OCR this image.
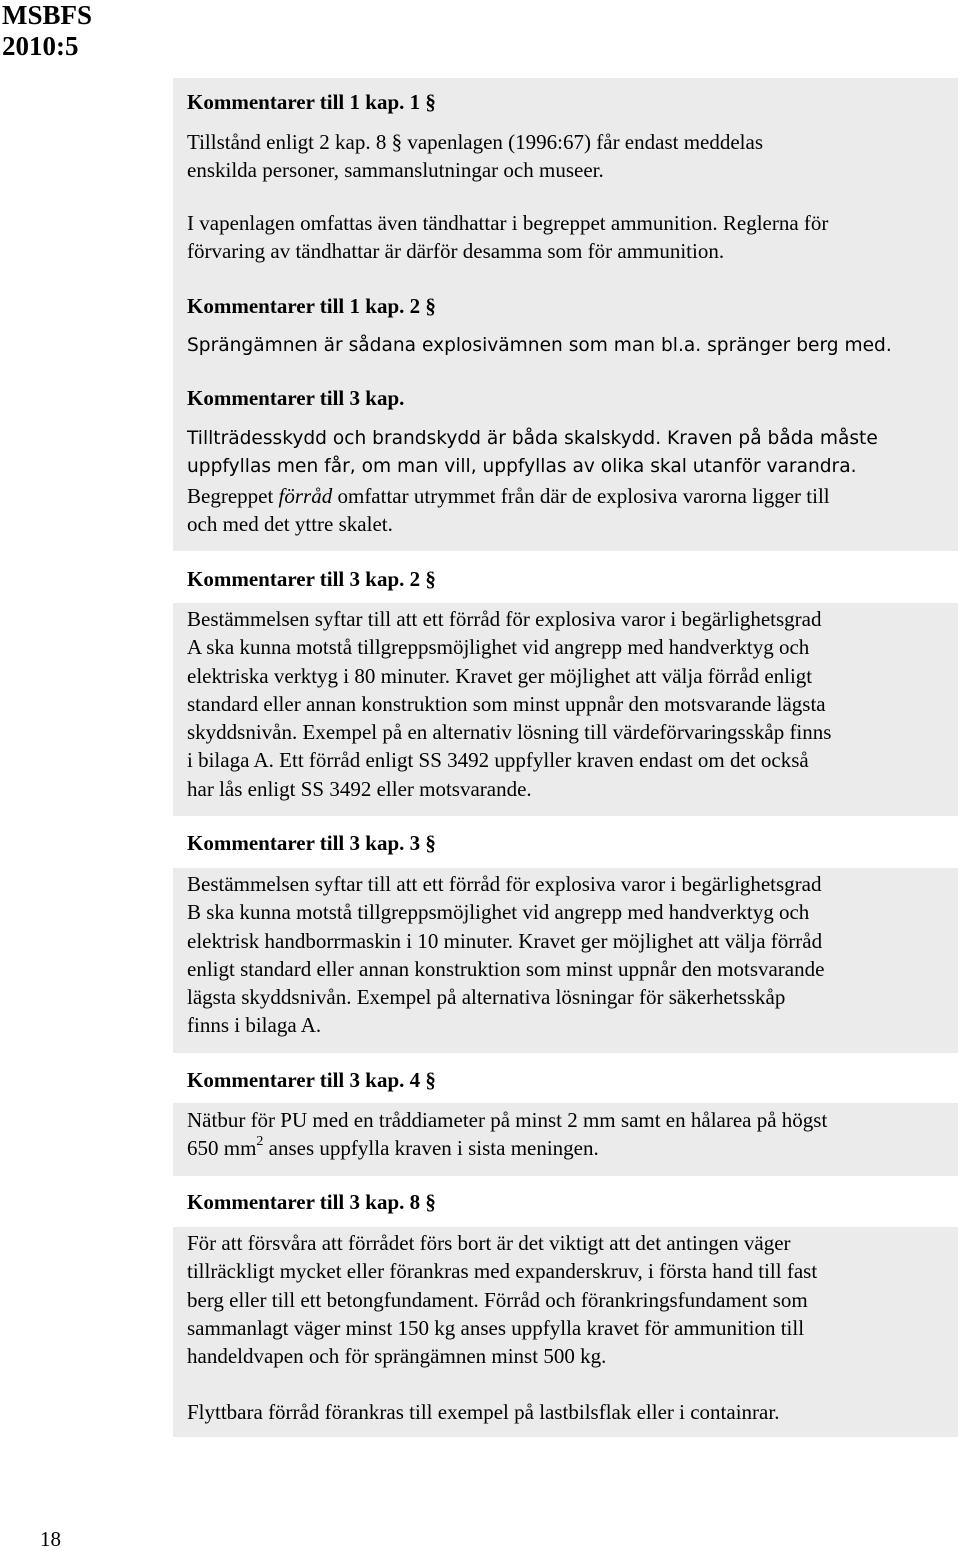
MSBFS
2010:5
Kommentarer till 1 kap. 1 §
Tillstånd enligt 2 kap. 8 § vapenlagen (1996:67) får endast meddelas
enskilda personer, sammanslutningar och museer.
I vapenlagen omfattas även tändhattar i begreppet ammunition. Reglerna för
förvaring av tändhattar är därför desamma som för ammunition.
Kommentarer till 1 kap. 2 §
Sprängämnen är sådana explosivämnen som man bl.a. spränger berg med.
Kommentarer till 3 kap.
Tillträdesskydd och brandskydd är båda skalskydd. Kraven på båda måste
uppfyllas men får, om man vill, uppfyllas av olika skal utanför varandra.
Begreppet förråd omfattar utrymmet från där de explosiva varorna ligger till
och med det yttre skalet.
Kommentarer till 3 kap. 2 §
Bestämmelsen syftar till att ett förråd för explosiva varor i begärlighetsgrad
A ska kunna motstå tillgreppsmöjlighet vid angrepp med handverktyg och
elektriska verktyg i 80 minuter. Kravet ger möjlighet att välja förråd enligt
standard eller annan konstruktion som minst uppnår den motsvarande lägsta
skyddsnivån. Exempel på en alternativ lösning till värdeförvaringsskåp finns
i bilaga A. Ett förråd enligt SS 3492 uppfyller kraven endast om det också
har lås enligt SS 3492 eller motsvarande.
Kommentarer till 3 kap. 3 §
Bestämmelsen syftar till att ett förråd för explosiva varor i begärlighetsgrad
B ska kunna motstå tillgreppsmöjlighet vid angrepp med handverktyg och
elektrisk handborrmaskin i 10 minuter. Kravet ger möjlighet att välja förråd
enligt standard eller annan konstruktion som minst uppnår den motsvarande
lägsta skyddsnivån. Exempel på alternativa lösningar för säkerhetsskåp
finns i bilaga A.
Kommentarer till 3 kap. 4 §
Nätbur för PU med en tråddiameter på minst 2 mm samt en hålarea på högst
650 $mm^2$ anses uppfylla kraven i sista meningen.
Kommentarer till 3 kap. 8 §
För att försvåra att förrådet förs bort är det viktigt att det antingen väger
tillräckligt mycket eller förankras med expanderskruv, i första hand till fast
berg eller till ett betongfundament. Förråd och förankringsfundament som
sammanlagt väger minst 150 kg anses uppfylla kravet för ammunition till
handeldvapen och för sprängämnen minst 500 kg.
Flyttbara förråd förankras till exempel på lastbilsflak eller i containrar.
18
